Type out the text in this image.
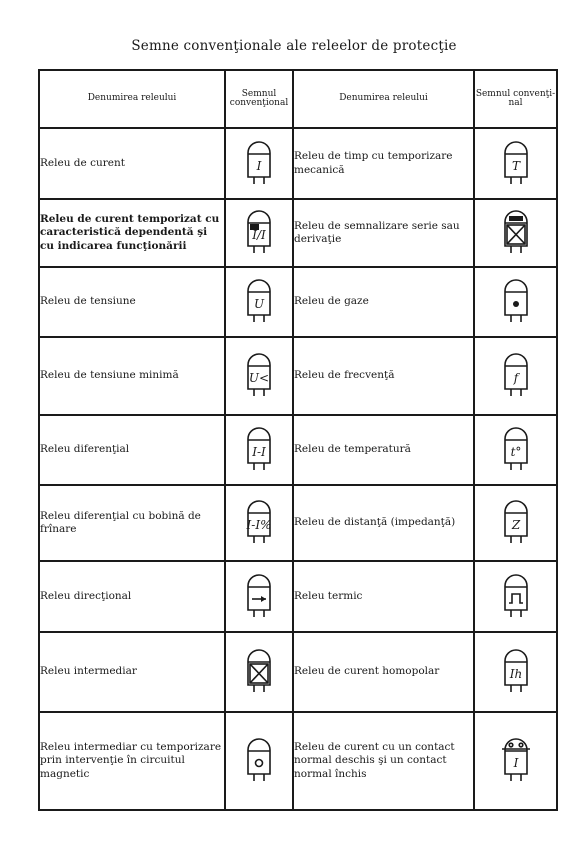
Semne convenţionale ale releelor de protecţie
Denumirea releului	Semnul convenţional	Denumirea releului	Semnul convenţi-nal
Releu de curent	I	Releu de timp cu temporizare mecanică	T

Releu de curent temporizat cu caracteristică dependentă şi cu indicarea funcţionării	I/I	Releu de semnalizare serie sau derivaţie	

Releu de tensiune	U	Releu de gaze	

Releu de tensiune minimă	U<	Releu de frecvenţă	f

Releu diferenţial	I-I	Releu de temperatură	t°

Releu diferenţial cu bobină de frînare	I-I%	Releu de distanţă (impedanţă)	Z

Releu direcţional		Releu termic	

Releu intermediar		Releu de curent homopolar	Ih

Releu intermediar cu temporizare prin intervenţie în circuitul magnetic		Releu de curent cu un contact normal deschis şi un contact normal închis	I
